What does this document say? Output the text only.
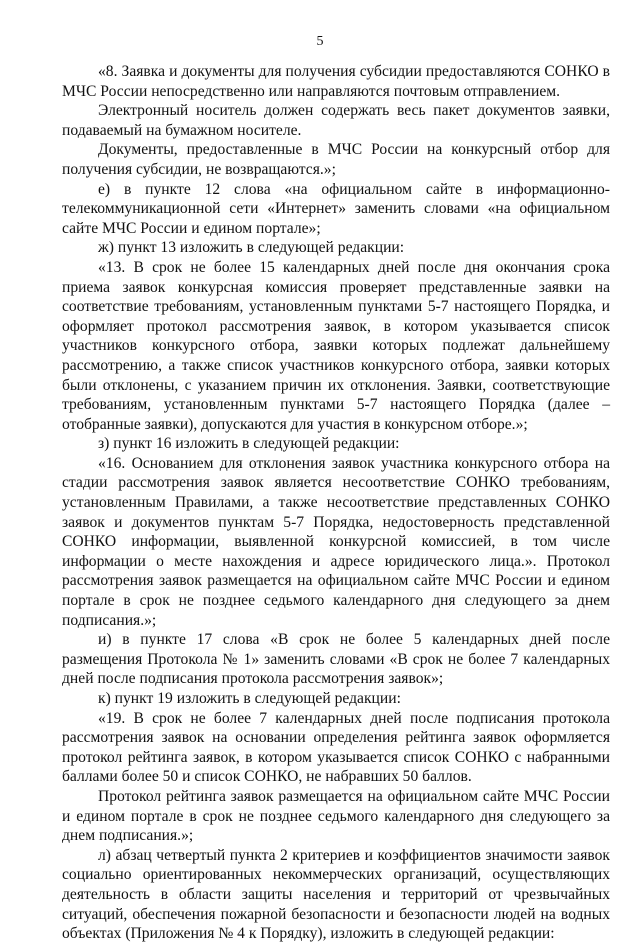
5

«8. Заявка и документы для получения субсидии предоставляются СОНКО в МЧС России непосредственно или направляются почтовым отправлением.

Электронный носитель должен содержать весь пакет документов заявки, подаваемый на бумажном носителе.

Документы, предоставленные в МЧС России на конкурсный отбор для получения субсидии, не возвращаются.»;

е) в пункте 12 слова «на официальном сайте в информационно-телекоммуникационной сети «Интернет» заменить словами «на официальном сайте МЧС России и едином портале»;

ж) пункт 13 изложить в следующей редакции:

«13. В срок не более 15 календарных дней после дня окончания срока приема заявок конкурсная комиссия проверяет представленные заявки на соответствие требованиям, установленным пунктами 5-7 настоящего Порядка, и оформляет протокол рассмотрения заявок, в котором указывается список участников конкурсного отбора, заявки которых подлежат дальнейшему рассмотрению, а также список участников конкурсного отбора, заявки которых были отклонены, с указанием причин их отклонения. Заявки, соответствующие требованиям, установленным пунктами 5-7 настоящего Порядка (далее – отобранные заявки), допускаются для участия в конкурсном отборе.»;

з) пункт 16 изложить в следующей редакции:

«16. Основанием для отклонения заявок участника конкурсного отбора на стадии рассмотрения заявок является несоответствие СОНКО требованиям, установленным Правилами, а также несоответствие представленных СОНКО заявок и документов пунктам 5-7 Порядка, недостоверность представленной СОНКО информации, выявленной конкурсной комиссией, в том числе информации о месте нахождения и адресе юридического лица.». Протокол рассмотрения заявок размещается на официальном сайте МЧС России и едином портале в срок не позднее седьмого календарного дня следующего за днем подписания.»;

и) в пункте 17 слова «В срок не более 5 календарных дней после размещения Протокола № 1» заменить словами «В срок не более 7 календарных дней после подписания протокола рассмотрения заявок»;

к) пункт 19 изложить в следующей редакции:

«19. В срок не более 7 календарных дней после подписания протокола рассмотрения заявок на основании определения рейтинга заявок оформляется протокол рейтинга заявок, в котором указывается список СОНКО с набранными баллами более 50 и список СОНКО, не набравших 50 баллов.

Протокол рейтинга заявок размещается на официальном сайте МЧС России и едином портале в срок не позднее седьмого календарного дня следующего за днем подписания.»;

л) абзац четвертый пункта 2 критериев и коэффициентов значимости заявок социально ориентированных некоммерческих организаций, осуществляющих деятельность в области защиты населения и территорий от чрезвычайных ситуаций, обеспечения пожарной безопасности и безопасности людей на водных объектах (Приложения № 4 к Порядку), изложить в следующей редакции:
